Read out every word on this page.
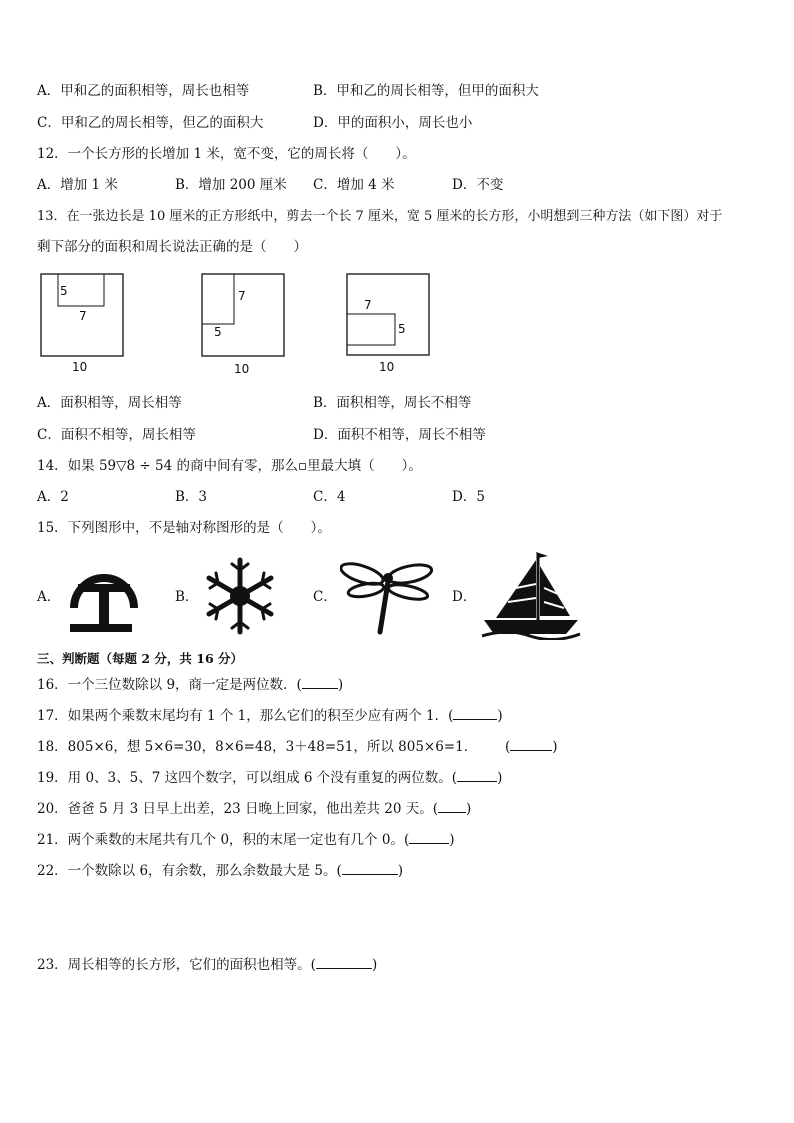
A．甲和乙的面积相等，周长也相等	B．甲和乙的周长相等，但甲的面积大
C．甲和乙的周长相等，但乙的面积大	D．甲的面积小，周长也小
12．一个长方形的长增加 1 米，宽不变，它的周长将（　　）。
A．增加 1 米	B．增加 200 厘米 C．增加 4 米	D．不变
13．在一张边长是 10 厘米的正方形纸中，剪去一个长 7 厘米，宽 5 厘米的长方形，小明想到三种方法（如下图）对于
剩下部分的面积和周长说法正确的是（　　）
5
7
10
7
5
10
7
5
10
A．面积相等，周长相等	B．面积相等，周长不相等
C．面积不相等，周长相等	D．面积不相等，周长不相等
14．如果 59▽8 ÷ 54 的商中间有零，那么▫里最大填（　　）。
A．2	B．3	C．4	D．5
15．下列图形中，不是轴对称图形的是（　　）。
A．	B．	C．	D．
三、判断题（每题 2 分，共 16 分）
16．一个三位数除以 9，商一定是两位数．(	)
17．如果两个乘数末尾均有 1 个 1，那么它们的积至少应有两个 1．(	)
18．805×6，想 5×6=30，8×6=48，3＋48=51，所以 805×6=1． (	)
19．用 0、3、5、7 这四个数字，可以组成 6 个没有重复的两位数。(	)
20．爸爸 5 月 3 日早上出差，23 日晚上回家，他出差共 20 天。( )
21．两个乘数的末尾共有几个 0，积的末尾一定也有几个 0。(	)
22．一个数除以 6，有余数，那么余数最大是 5。(	)
23．周长相等的长方形，它们的面积也相等。(	)
